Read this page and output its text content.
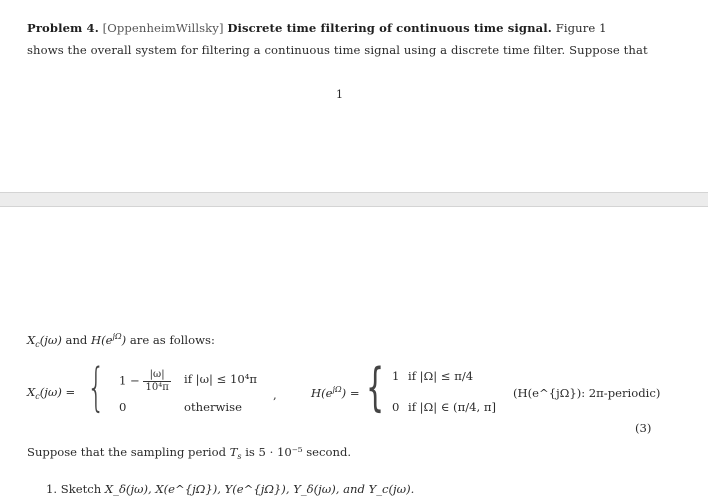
Problem 4. [OppenheimWillsky] Discrete time filtering of continuous time signal. Figure 1
shows the overall system for filtering a continuous time signal using a discrete time filter. Suppose that
1
$X_c(j\omega)$ and $H(e^{j\Omega})$ are as follows:
$X_c(j\omega)$ = { $1 - \frac{|\omega|}{\text{10⁴π}}$ if |ω| ≤ 10⁴π
0	otherwise
,	$H(e^{j\Omega})$ = { 1 if |Ω| ≤ π/4
0 if |Ω| ∈ (π/4, π]
(H(e^{jΩ}): 2π-periodic)
(3)
Suppose that the sampling period $T_s$ is 5 · 10⁻⁵ second.
1. Sketch X_δ(jω), X(e^{jΩ}), Y(e^{jΩ}), Y_δ(jω), and Y_c(jω).
